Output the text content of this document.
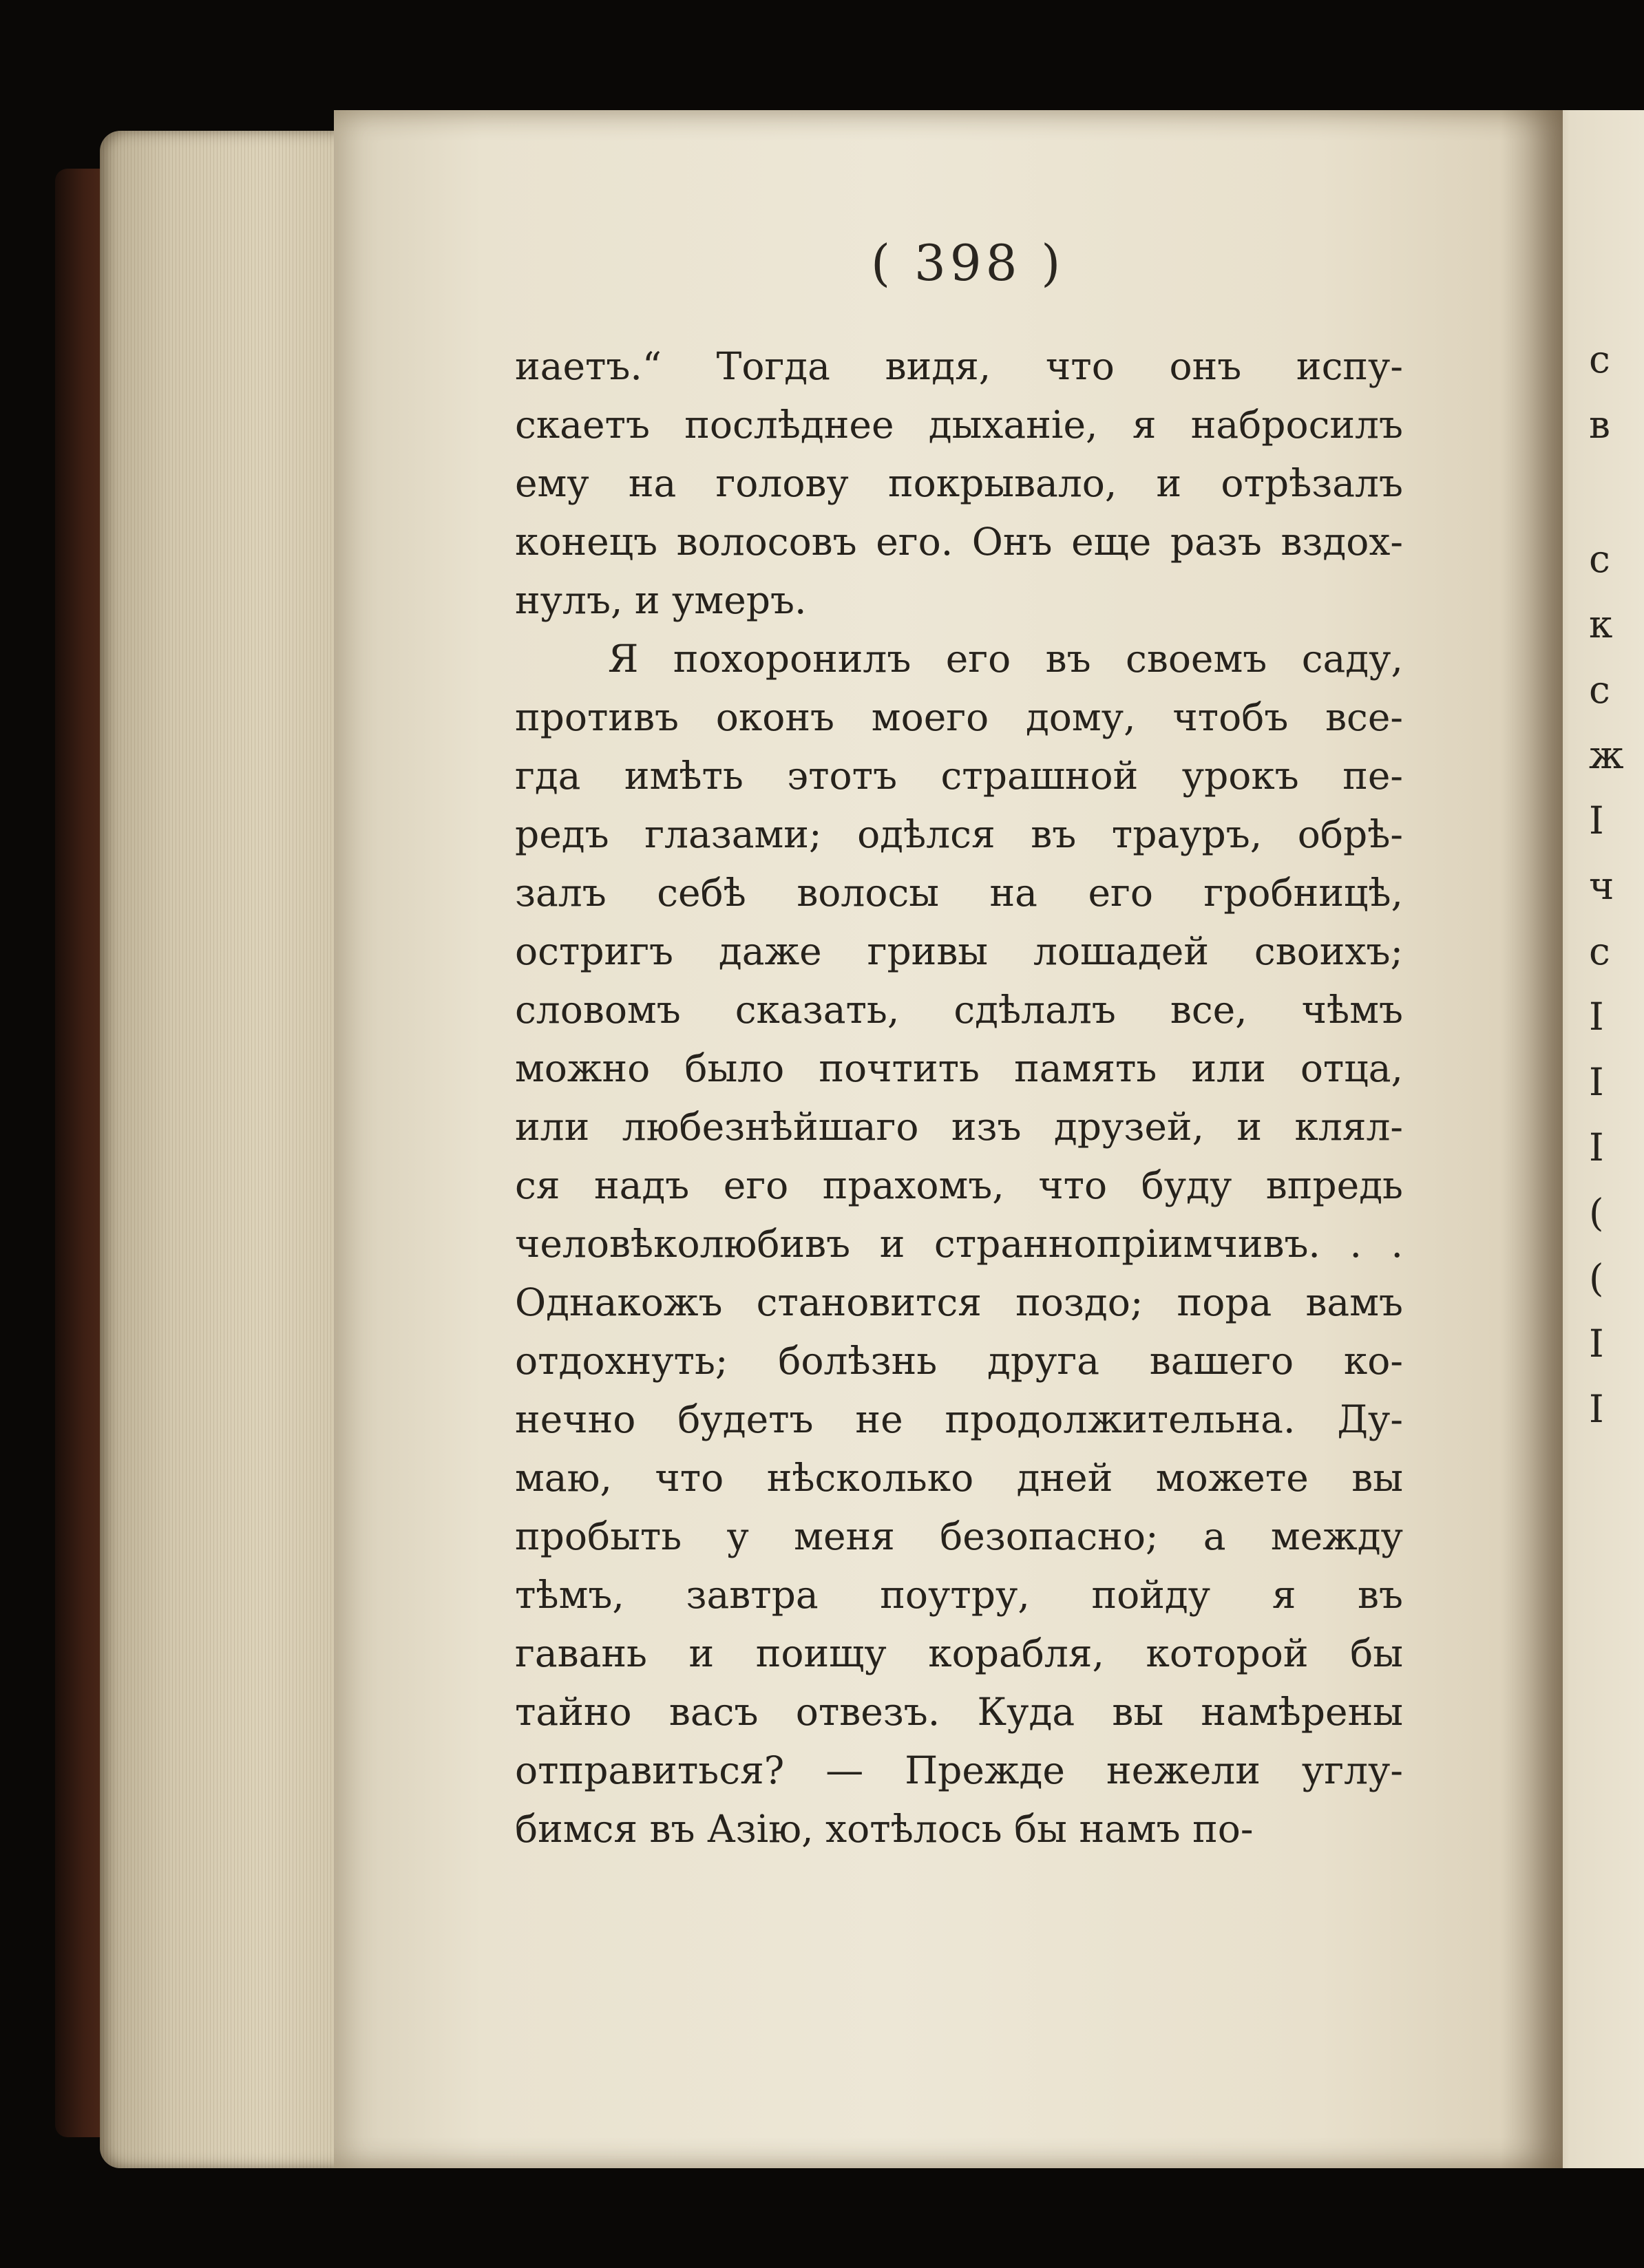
( 398 )
иаетъ.“ Тогда видя, что онъ испу-
скаетъ послѣднее дыханіе, я набросилъ
ему на голову покрывало, и отрѣзалъ
конецъ волосовъ его. Онъ еще разъ вздох-
нулъ, и умеръ.
Я похоронилъ его въ своемъ саду,
противъ оконъ моего дому, чтобъ все-
гда имѣть этотъ страшной урокъ пе-
редъ глазами; одѣлся въ трауръ, обрѣ-
залъ себѣ волосы на его гробницѣ,
остригъ даже гривы лошадей своихъ;
словомъ сказать, сдѣлалъ все, чѣмъ
можно было почтить память или отца,
или любезнѣйшаго изъ друзей, и клял-
ся надъ его прахомъ, что буду впредь
человѣколюбивъ и страннопріимчивъ. . .
Однакожъ становится поздо; пора вамъ
отдохнуть; болѣзнь друга вашего ко-
нечно будетъ не продолжительна. Ду-
маю, что нѣсколько дней можете вы
пробыть у меня безопасно; а между
тѣмъ, завтра поутру, пойду я въ
гавань и поищу корабля, которой бы
тайно васъ отвезъ. Куда вы намѣрены
отправиться? — Прежде нежели углу-
бимся въ Азію, хотѣлось бы намъ по-
с
в
с
к
с
ж
I
ч
с
I
I
I
(
(
I
I
